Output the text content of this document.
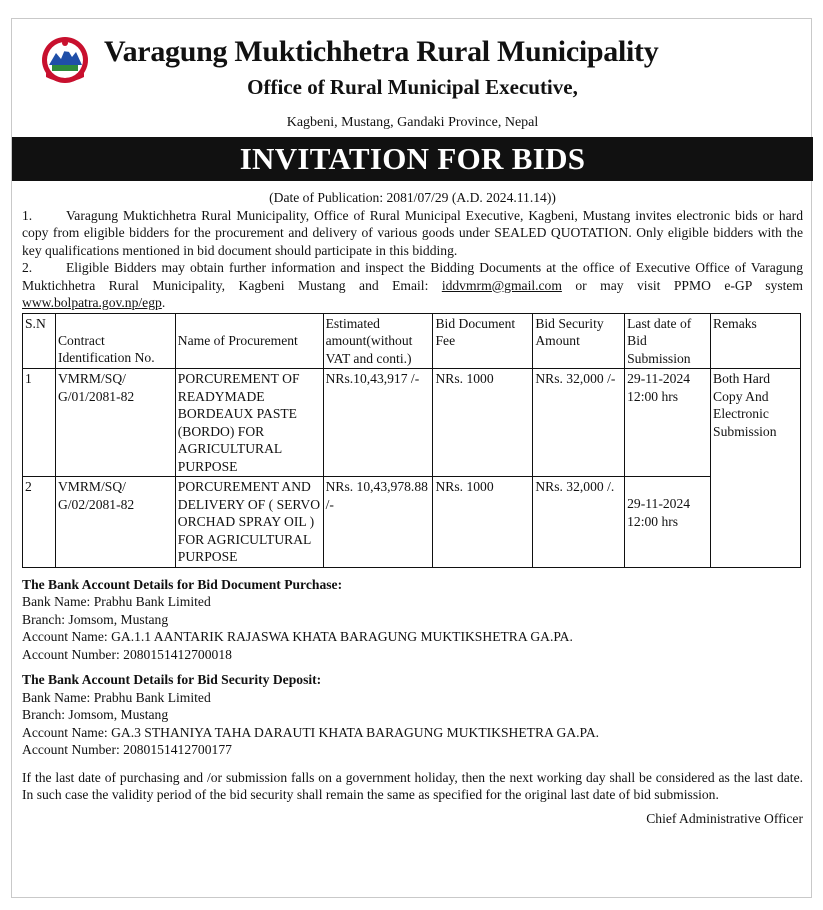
Varagung Muktichhetra Rural Municipality
Office of Rural Municipal Executive,
Kagbeni, Mustang, Gandaki Province, Nepal
INVITATION FOR BIDS
(Date of Publication: 2081/07/29 (A.D. 2024.11.14))

1. Varagung Muktichhetra Rural Municipality, Office of Rural Municipal Executive, Kagbeni, Mustang invites electronic bids or hard copy from eligible bidders for the procurement and delivery of various goods under SEALED QUOTATION. Only eligible bidders with the key qualifications mentioned in bid document should participate in this bidding.

2. Eligible Bidders may obtain further information and inspect the Bidding Documents at the office of Executive Office of Varagung Muktichhetra Rural Municipality, Kagbeni Mustang and Email: iddvmrm@gmail.com or may visit PPMO e-GP system www.bolpatra.gov.np/egp.

S.N	Contract Identification No.	Name of Procurement	Estimated amount(without VAT and conti.)	Bid Document Fee	Bid Security Amount	Last date of Bid Submission	Remaks
1	VMRM/SQ/ G/01/2081-82	PORCUREMENT OF READYMADE BORDEAUX PASTE (BORDO) FOR AGRICULTURAL PURPOSE	NRs.10,43,917 /-	NRs. 1000	NRs. 32,000 /-	29-11-2024 12:00 hrs	Both Hard Copy And Electronic Submission
2	VMRM/SQ/ G/02/2081-82	PORCUREMENT AND DELIVERY OF ( SERVO ORCHAD SPRAY OIL ) FOR AGRICULTURAL PURPOSE	NRs. 10,43,978.88 /-	NRs. 1000	NRs. 32,000 /.	29-11-2024 12:00 hrs	
The Bank Account Details for Bid Document Purchase:
Bank Name: Prabhu Bank Limited
Branch: Jomsom, Mustang
Account Name: GA.1.1 AANTARIK RAJASWA KHATA BARAGUNG MUKTIKSHETRA GA.PA.
Account Number: 2080151412700018
The Bank Account Details for Bid Security Deposit:
Bank Name: Prabhu Bank Limited
Branch: Jomsom, Mustang
Account Name: GA.3 STHANIYA TAHA DARAUTI KHATA BARAGUNG MUKTIKSHETRA GA.PA.
Account Number: 2080151412700177

If the last date of purchasing and /or submission falls on a government holiday, then the next working day shall be considered as the last date. In such case the validity period of the bid security shall remain the same as specified for the original last date of bid submission.

Chief Administrative Officer
